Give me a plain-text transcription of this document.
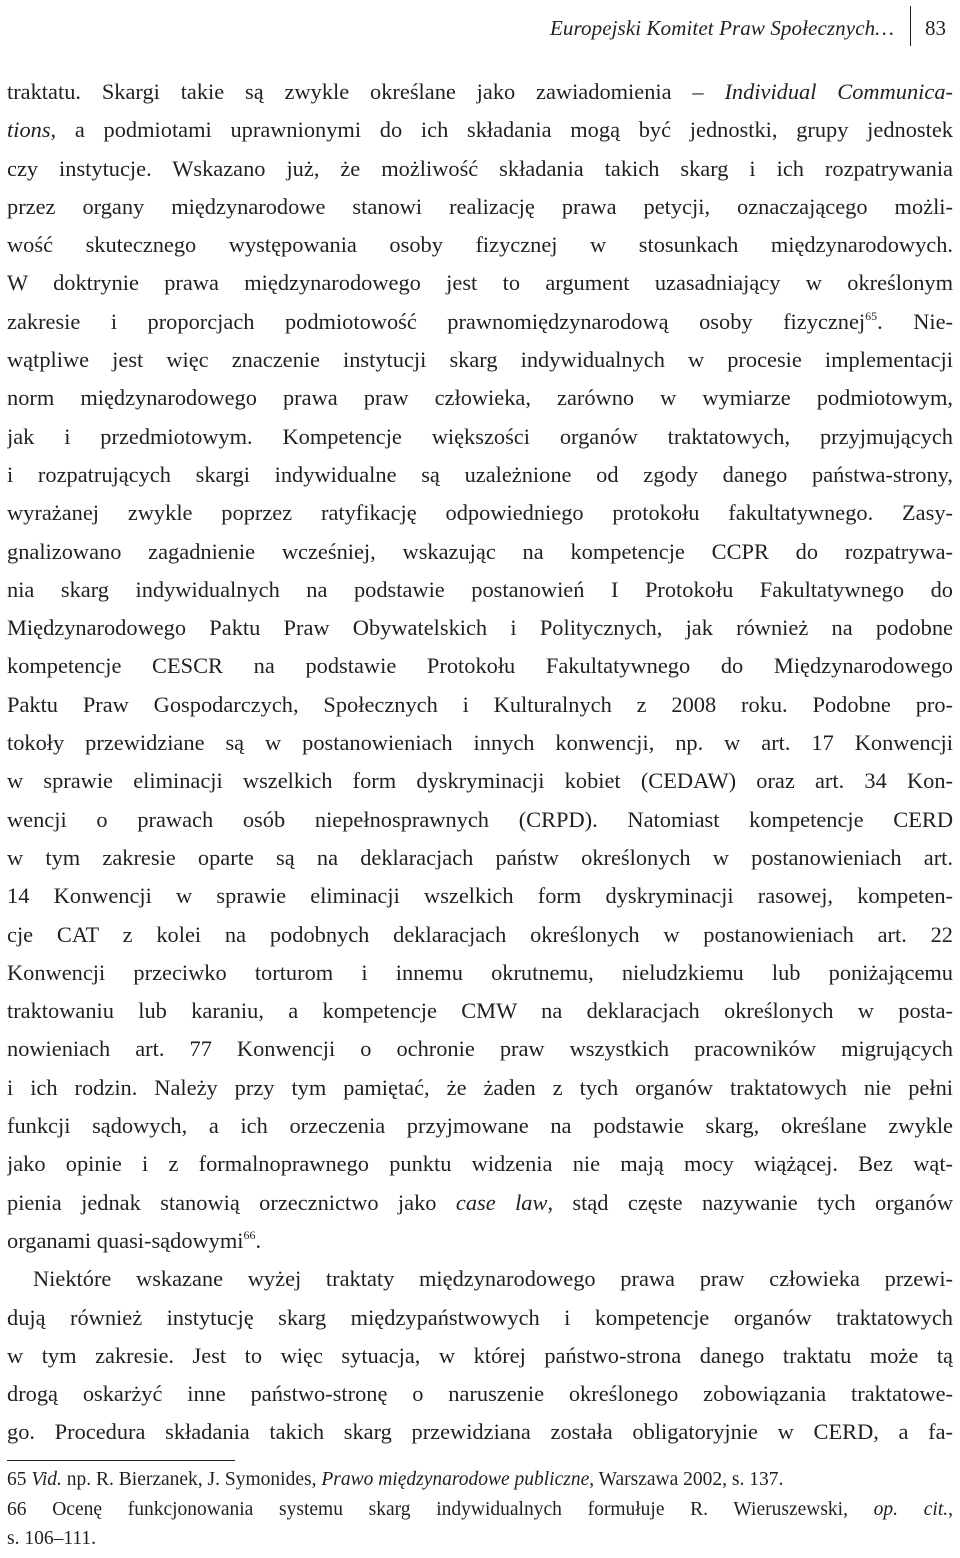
Europejski Komitet Praw Społecznych… 83
traktatu. Skargi takie są zwykle określane jako zawiadomienia – Individual Communica-
tions, a podmiotami uprawnionymi do ich składania mogą być jednostki, grupy jednostek
czy instytucje. Wskazano już, że możliwość składania takich skarg i ich rozpatrywania
przez organy międzynarodowe stanowi realizację prawa petycji, oznaczającego możli-
wość skutecznego występowania osoby fizycznej w stosunkach międzynarodowych.
W doktrynie prawa międzynarodowego jest to argument uzasadniający w określonym
zakresie i proporcjach podmiotowość prawnomiędzynarodową osoby fizycznej$^{65}$. Nie-
wątpliwe jest więc znaczenie instytucji skarg indywidualnych w procesie implementacji
norm międzynarodowego prawa praw człowieka, zarówno w wymiarze podmiotowym,
jak i przedmiotowym. Kompetencje większości organów traktatowych, przyjmujących
i rozpatrujących skargi indywidualne są uzależnione od zgody danego państwa-strony,
wyrażanej zwykle poprzez ratyfikację odpowiedniego protokołu fakultatywnego. Zasy-
gnalizowano zagadnienie wcześniej, wskazując na kompetencje CCPR do rozpatrywa-
nia skarg indywidualnych na podstawie postanowień I Protokołu Fakultatywnego do
Międzynarodowego Paktu Praw Obywatelskich i Politycznych, jak również na podobne
kompetencje CESCR na podstawie Protokołu Fakultatywnego do Międzynarodowego
Paktu Praw Gospodarczych, Społecznych i Kulturalnych z 2008 roku. Podobne pro-
tokoły przewidziane są w postanowieniach innych konwencji, np. w art. 17 Konwencji
w sprawie eliminacji wszelkich form dyskryminacji kobiet (CEDAW) oraz art. 34 Kon-
wencji o prawach osób niepełnosprawnych (CRPD). Natomiast kompetencje CERD
w tym zakresie oparte są na deklaracjach państw określonych w postanowieniach art.
14 Konwencji w sprawie eliminacji wszelkich form dyskryminacji rasowej, kompeten-
cje CAT z kolei na podobnych deklaracjach określonych w postanowieniach art. 22
Konwencji przeciwko torturom i innemu okrutnemu, nieludzkiemu lub poniżającemu
traktowaniu lub karaniu, a kompetencje CMW na deklaracjach określonych w posta-
nowieniach art. 77 Konwencji o ochronie praw wszystkich pracowników migrujących
i ich rodzin. Należy przy tym pamiętać, że żaden z tych organów traktatowych nie pełni
funkcji sądowych, a ich orzeczenia przyjmowane na podstawie skarg, określane zwykle
jako opinie i z formalnoprawnego punktu widzenia nie mają mocy wiążącej. Bez wąt-
pienia jednak stanowią orzecznictwo jako case law, stąd częste nazywanie tych organów
organami quasi-sądowymi$^{66}$.
Niektóre wskazane wyżej traktaty międzynarodowego prawa praw człowieka przewi-
dują również instytucję skarg międzypaństwowych i kompetencje organów traktatowych
w tym zakresie. Jest to więc sytuacja, w której państwo-strona danego traktatu może tą
drogą oskarżyć inne państwo-stronę o naruszenie określonego zobowiązania traktatowe-
go. Procedura składania takich skarg przewidziana została obligatoryjnie w CERD, a fa-
65 Vid. np. R. Bierzanek, J. Symonides, Prawo międzynarodowe publiczne, Warszawa 2002, s. 137.
66 Ocenę funkcjonowania systemu skarg indywidualnych formułuje R. Wieruszewski, op. cit.,
s. 106–111.
